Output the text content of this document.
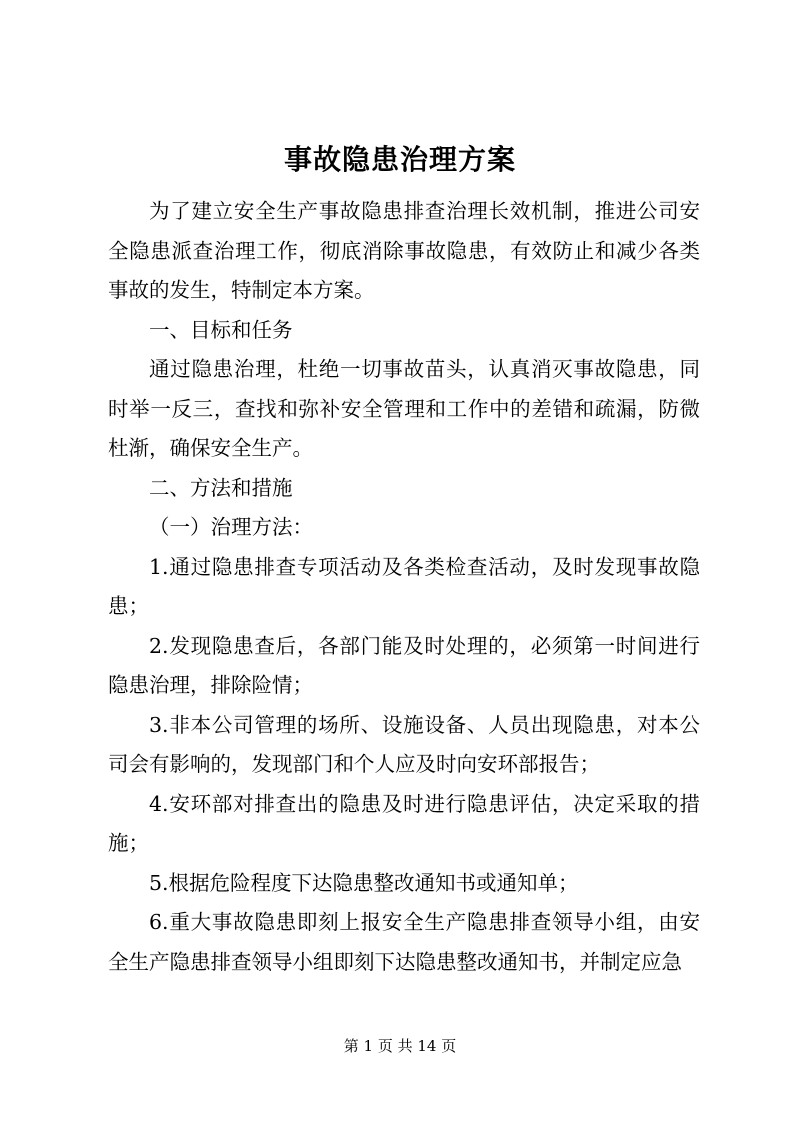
事故隐患治理方案

为了建立安全生产事故隐患排查治理长效机制，推进公司安全隐患派查治理工作，彻底消除事故隐患，有效防止和减少各类事故的发生，特制定本方案。

一、目标和任务

通过隐患治理，杜绝一切事故苗头，认真消灭事故隐患，同时举一反三，查找和弥补安全管理和工作中的差错和疏漏，防微杜渐，确保安全生产。

二、方法和措施

（一）治理方法：

1.通过隐患排查专项活动及各类检查活动，及时发现事故隐患；

2.发现隐患查后，各部门能及时处理的，必须第一时间进行隐患治理，排除险情；

3.非本公司管理的场所、设施设备、人员出现隐患，对本公司会有影响的，发现部门和个人应及时向安环部报告；

4.安环部对排查出的隐患及时进行隐患评估，决定采取的措施；

5.根据危险程度下达隐患整改通知书或通知单；

6.重大事故隐患即刻上报安全生产隐患排查领导小组，由安全生产隐患排查领导小组即刻下达隐患整改通知书，并制定应急

第 1 页 共 14 页
